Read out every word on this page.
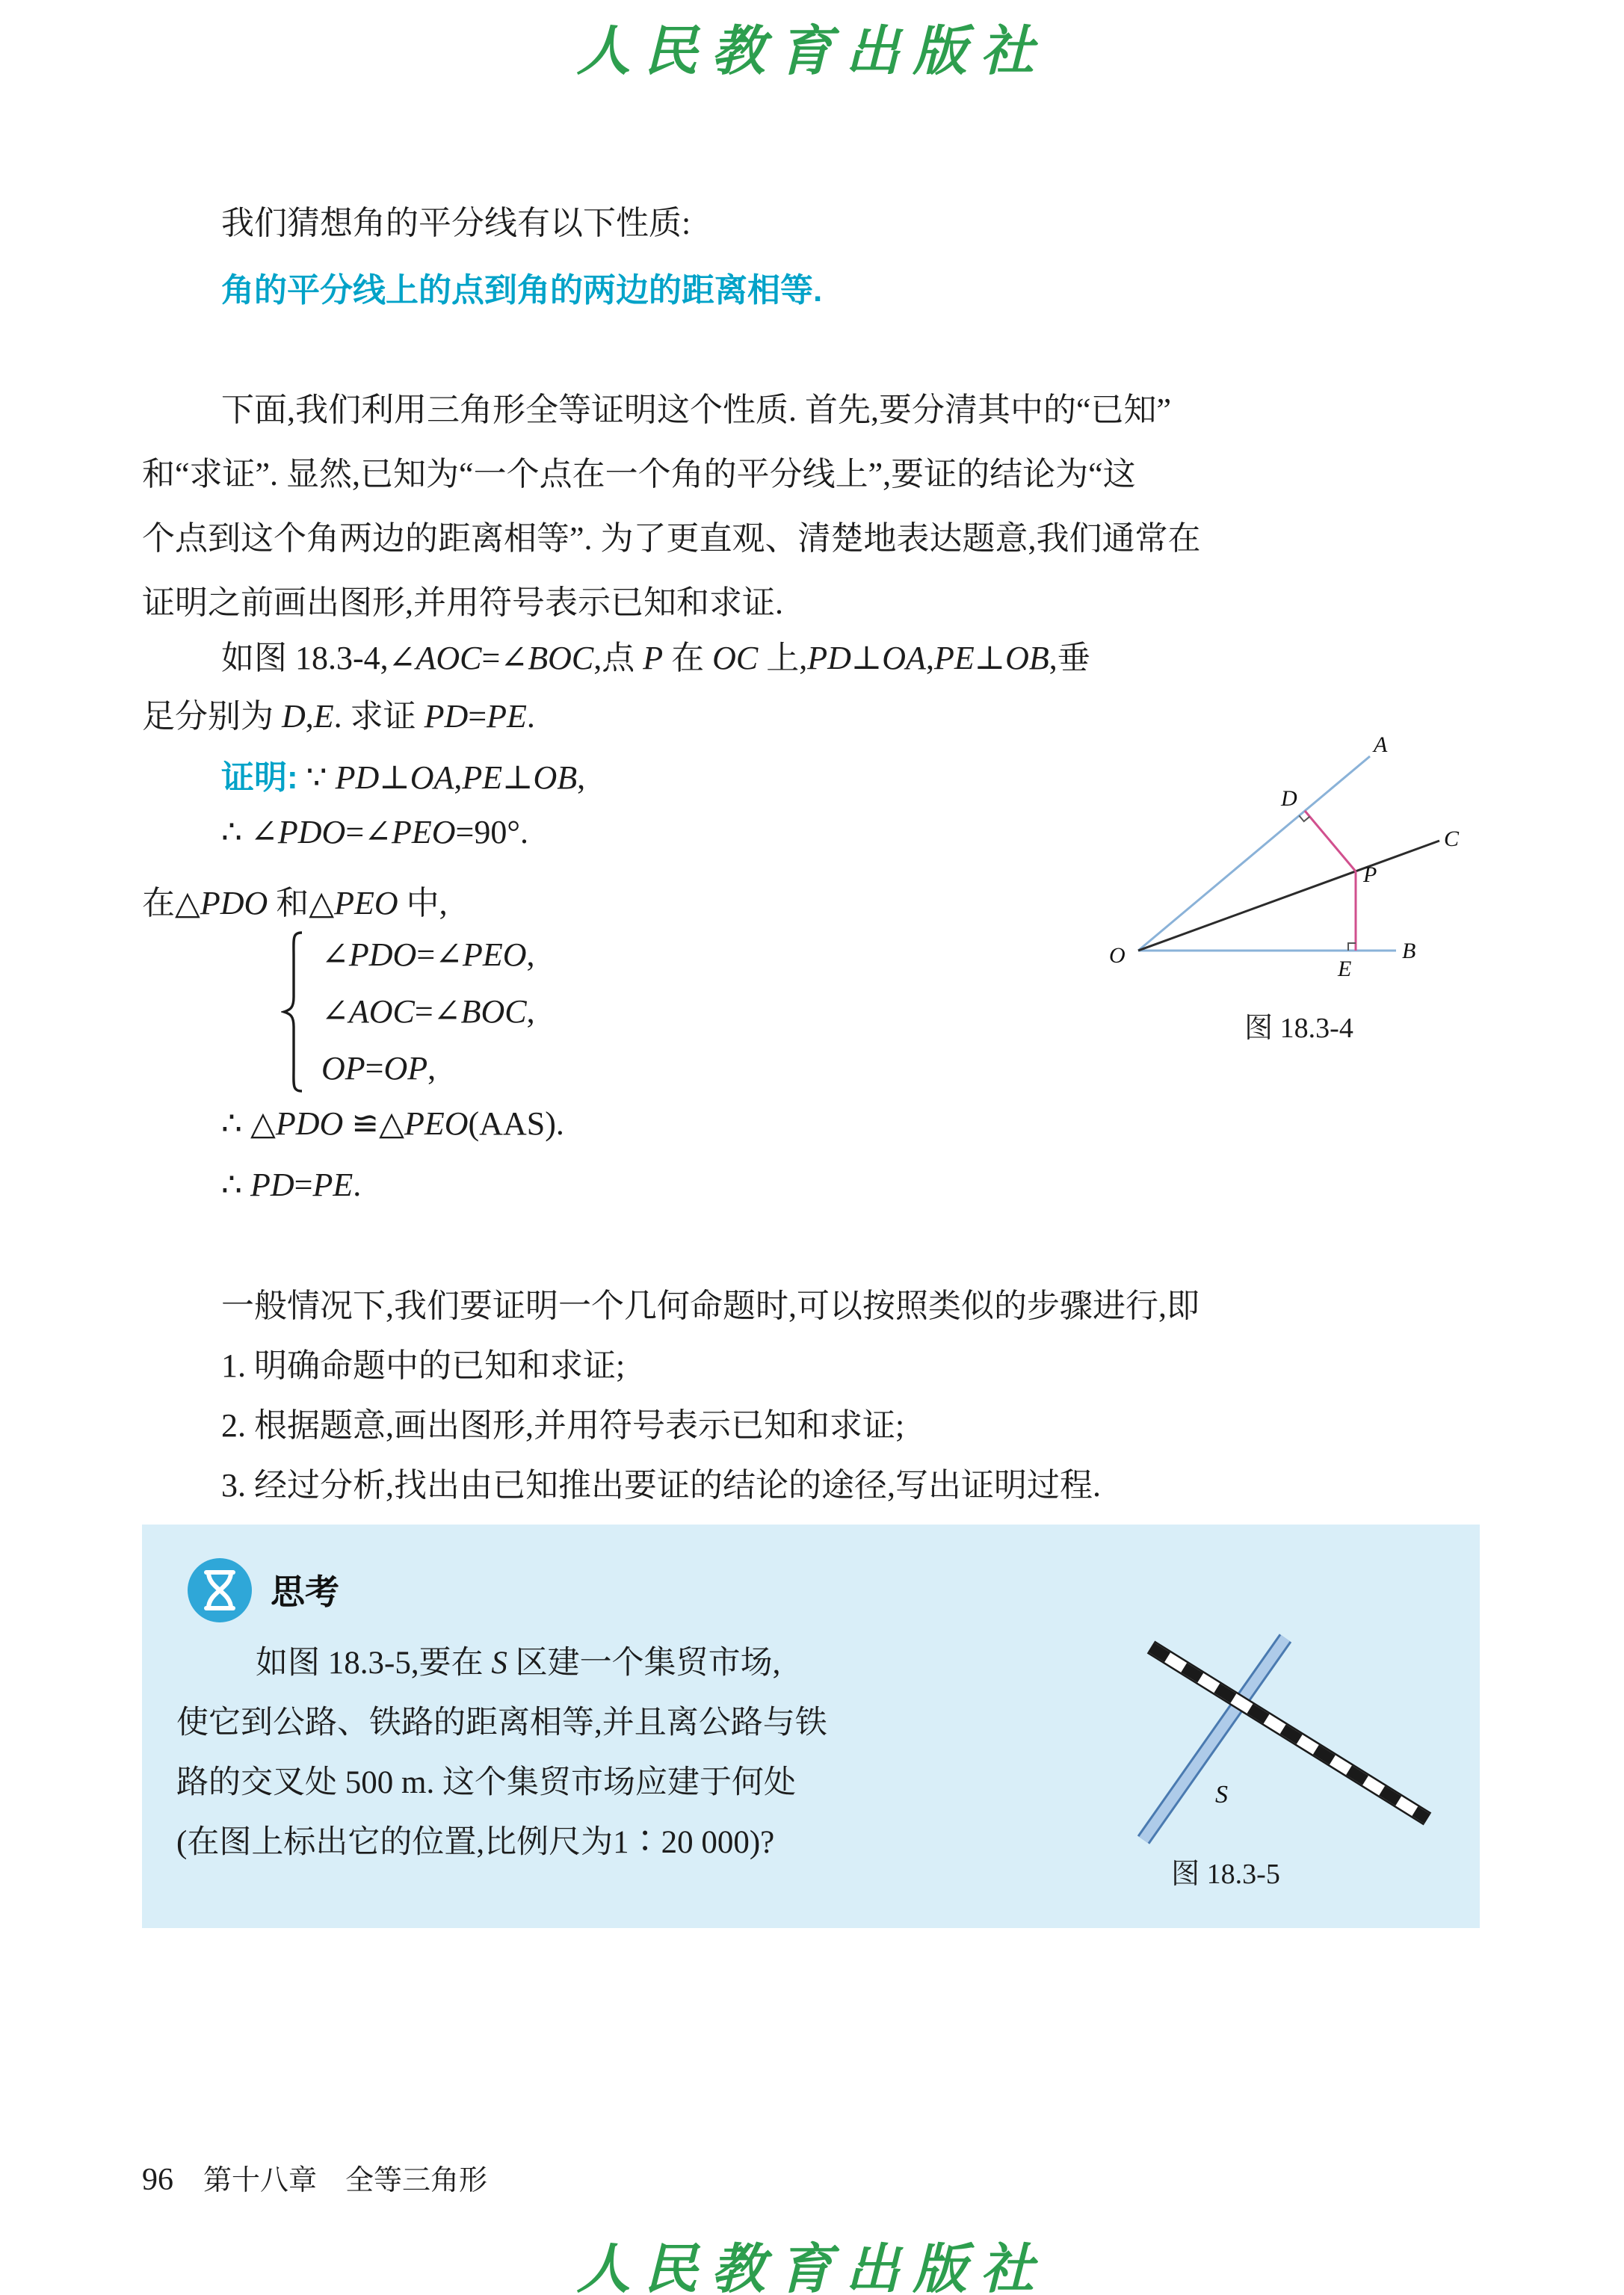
人民教育出版社
我们猜想角的平分线有以下性质:
角的平分线上的点到角的两边的距离相等.
下面,我们利用三角形全等证明这个性质. 首先,要分清其中的“已知”
和“求证”. 显然,已知为“一个点在一个角的平分线上”,要证的结论为“这
个点到这个角两边的距离相等”. 为了更直观、清楚地表达题意,我们通常在
证明之前画出图形,并用符号表示已知和求证.
如图 18.3-4,∠AOC=∠BOC,点 P 在 OC 上,PD⊥OA,PE⊥OB,垂
足分别为 D,E. 求证 PD=PE.
证明: ∵ PD⊥OA,PE⊥OB,
∴ ∠PDO=∠PEO=90°.
在△PDO 和△PEO 中,
∠PDO=∠PEO,
∠AOC=∠BOC,
OP=OP,
∴ △PDO ≌△PEO(AAS).
∴ PD=PE.
A
C
B
O
D
P
E
图 18.3-4
一般情况下,我们要证明一个几何命题时,可以按照类似的步骤进行,即
1. 明确命题中的已知和求证;
2. 根据题意,画出图形,并用符号表示已知和求证;
3. 经过分析,找出由已知推出要证的结论的途径,写出证明过程.
思考
如图 18.3-5,要在 S 区建一个集贸市场,
使它到公路、铁路的距离相等,并且离公路与铁
路的交叉处 500 m. 这个集贸市场应建于何处
(在图上标出它的位置,比例尺为1∶20 000)?
S
图 18.3-5
96 第十八章　全等三角形
人民教育出版社
